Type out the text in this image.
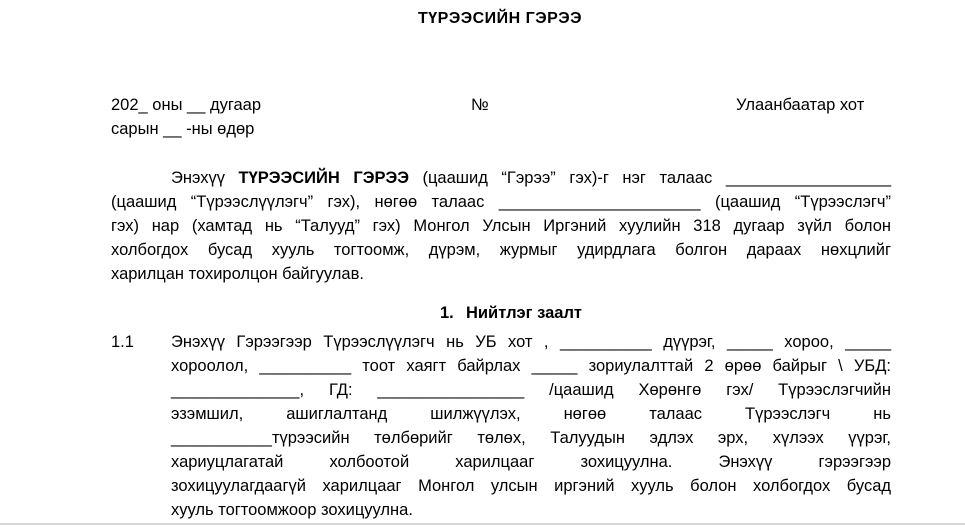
ТҮРЭЭСИЙН ГЭРЭЭ
202_ оны __ дугаар	№	Улаанбаатар хот
сарын __ -ны өдөр
Энэхүү ТҮРЭЭСИЙН ГЭРЭЭ (цаашид “Гэрээ” гэх)-г нэг талаас __________________
(цаашид “Түрээслүүлэгч” гэх), нөгөө талаас ______________________ (цаашид “Түрээслэгч”
гэх) нар (хамтад нь “Талууд” гэх) Монгол Улсын Иргэний хуулийн 318 дугаар зүйл болон
холбогдох бусад хууль тогтоомж, дүрэм, журмыг удирдлага болгон дараах нөхцлийг
харилцан тохиролцон байгуулав.
1. Нийтлэг заалт
1.1 Энэхүү Гэрээгээр Түрээслүүлэгч нь УБ хот , __________ дүүрэг, _____ хороо, _____
хороолол, __________ тоот хаягт байрлах _____ зориулалттай 2 өрөө байрыг \ УБД:
______________, ГД: ________________ /цаашид Хөрөнгө гэх/ Түрээслэгчийн
эзэмшил, ашиглалтанд шилжүүлэх, нөгөө талаас Түрээслэгч нь
___________түрээсийн төлбөрийг төлөх, Талуудын эдлэх эрх, хүлээх үүрэг,
хариуцлагатай холбоотой харилцааг зохицуулна. Энэхүү гэрээгээр
зохицуулагдаагүй харилцааг Монгол улсын иргэний хууль болон холбогдох бусад
хууль тогтоомжоор зохицуулна.
